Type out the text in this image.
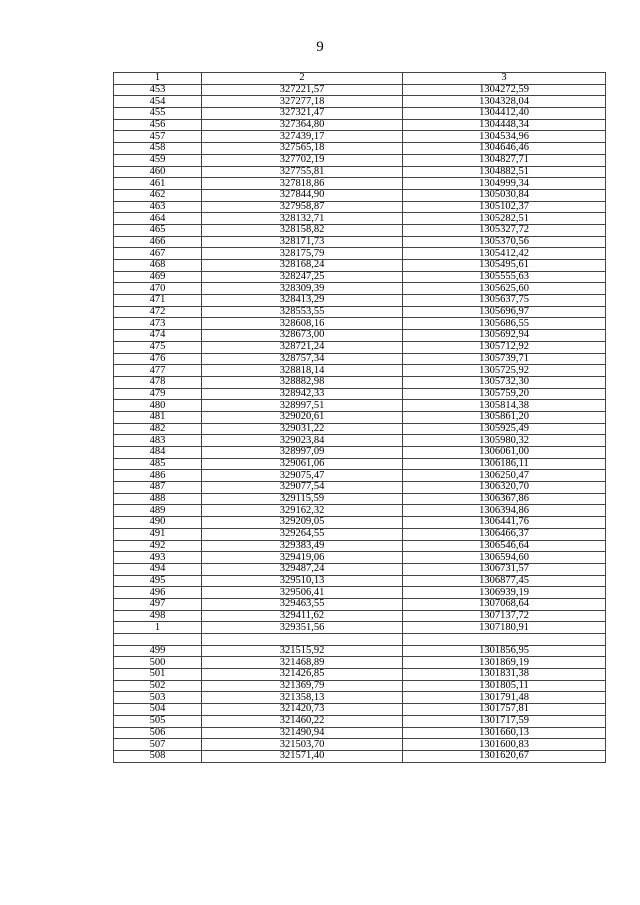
9
1	2	3
453	327221,57	1304272,59
454	327277,18	1304328,04
455	327321,47	1304412,40
456	327364,80	1304448,34
457	327439,17	1304534,96
458	327565,18	1304646,46
459	327702,19	1304827,71
460	327755,81	1304882,51
461	327818,86	1304999,34
462	327844,90	1305030,84
463	327958,87	1305102,37
464	328132,71	1305282,51
465	328158,82	1305327,72
466	328171,73	1305370,56
467	328175,79	1305412,42
468	328168,24	1305495,61
469	328247,25	1305555,63
470	328309,39	1305625,60
471	328413,29	1305637,75
472	328553,55	1305696,97
473	328608,16	1305686,55
474	328673,00	1305692,94
475	328721,24	1305712,92
476	328757,34	1305739,71
477	328818,14	1305725,92
478	328882,98	1305732,30
479	328942,33	1305759,20
480	328997,51	1305814,38
481	329020,61	1305861,20
482	329031,22	1305925,49
483	329023,84	1305980,32
484	328997,09	1306061,00
485	329061,06	1306186,11
486	329075,47	1306250,47
487	329077,54	1306320,70
488	329115,59	1306367,86
489	329162,32	1306394,86
490	329209,05	1306441,76
491	329264,55	1306466,37
492	329383,49	1306546,64
493	329419,06	1306594,60
494	329487,24	1306731,57
495	329510,13	1306877,45
496	329506,41	1306939,19
497	329463,55	1307068,64
498	329411,62	1307137,72
1	329351,56	1307180,91

499	321515,92	1301856,95
500	321468,89	1301869,19
501	321426,85	1301831,38
502	321369,79	1301805,11
503	321358,13	1301791,48
504	321420,73	1301757,81
505	321460,22	1301717,59
506	321490,94	1301660,13
507	321503,70	1301600,83
508	321571,40	1301620,67
